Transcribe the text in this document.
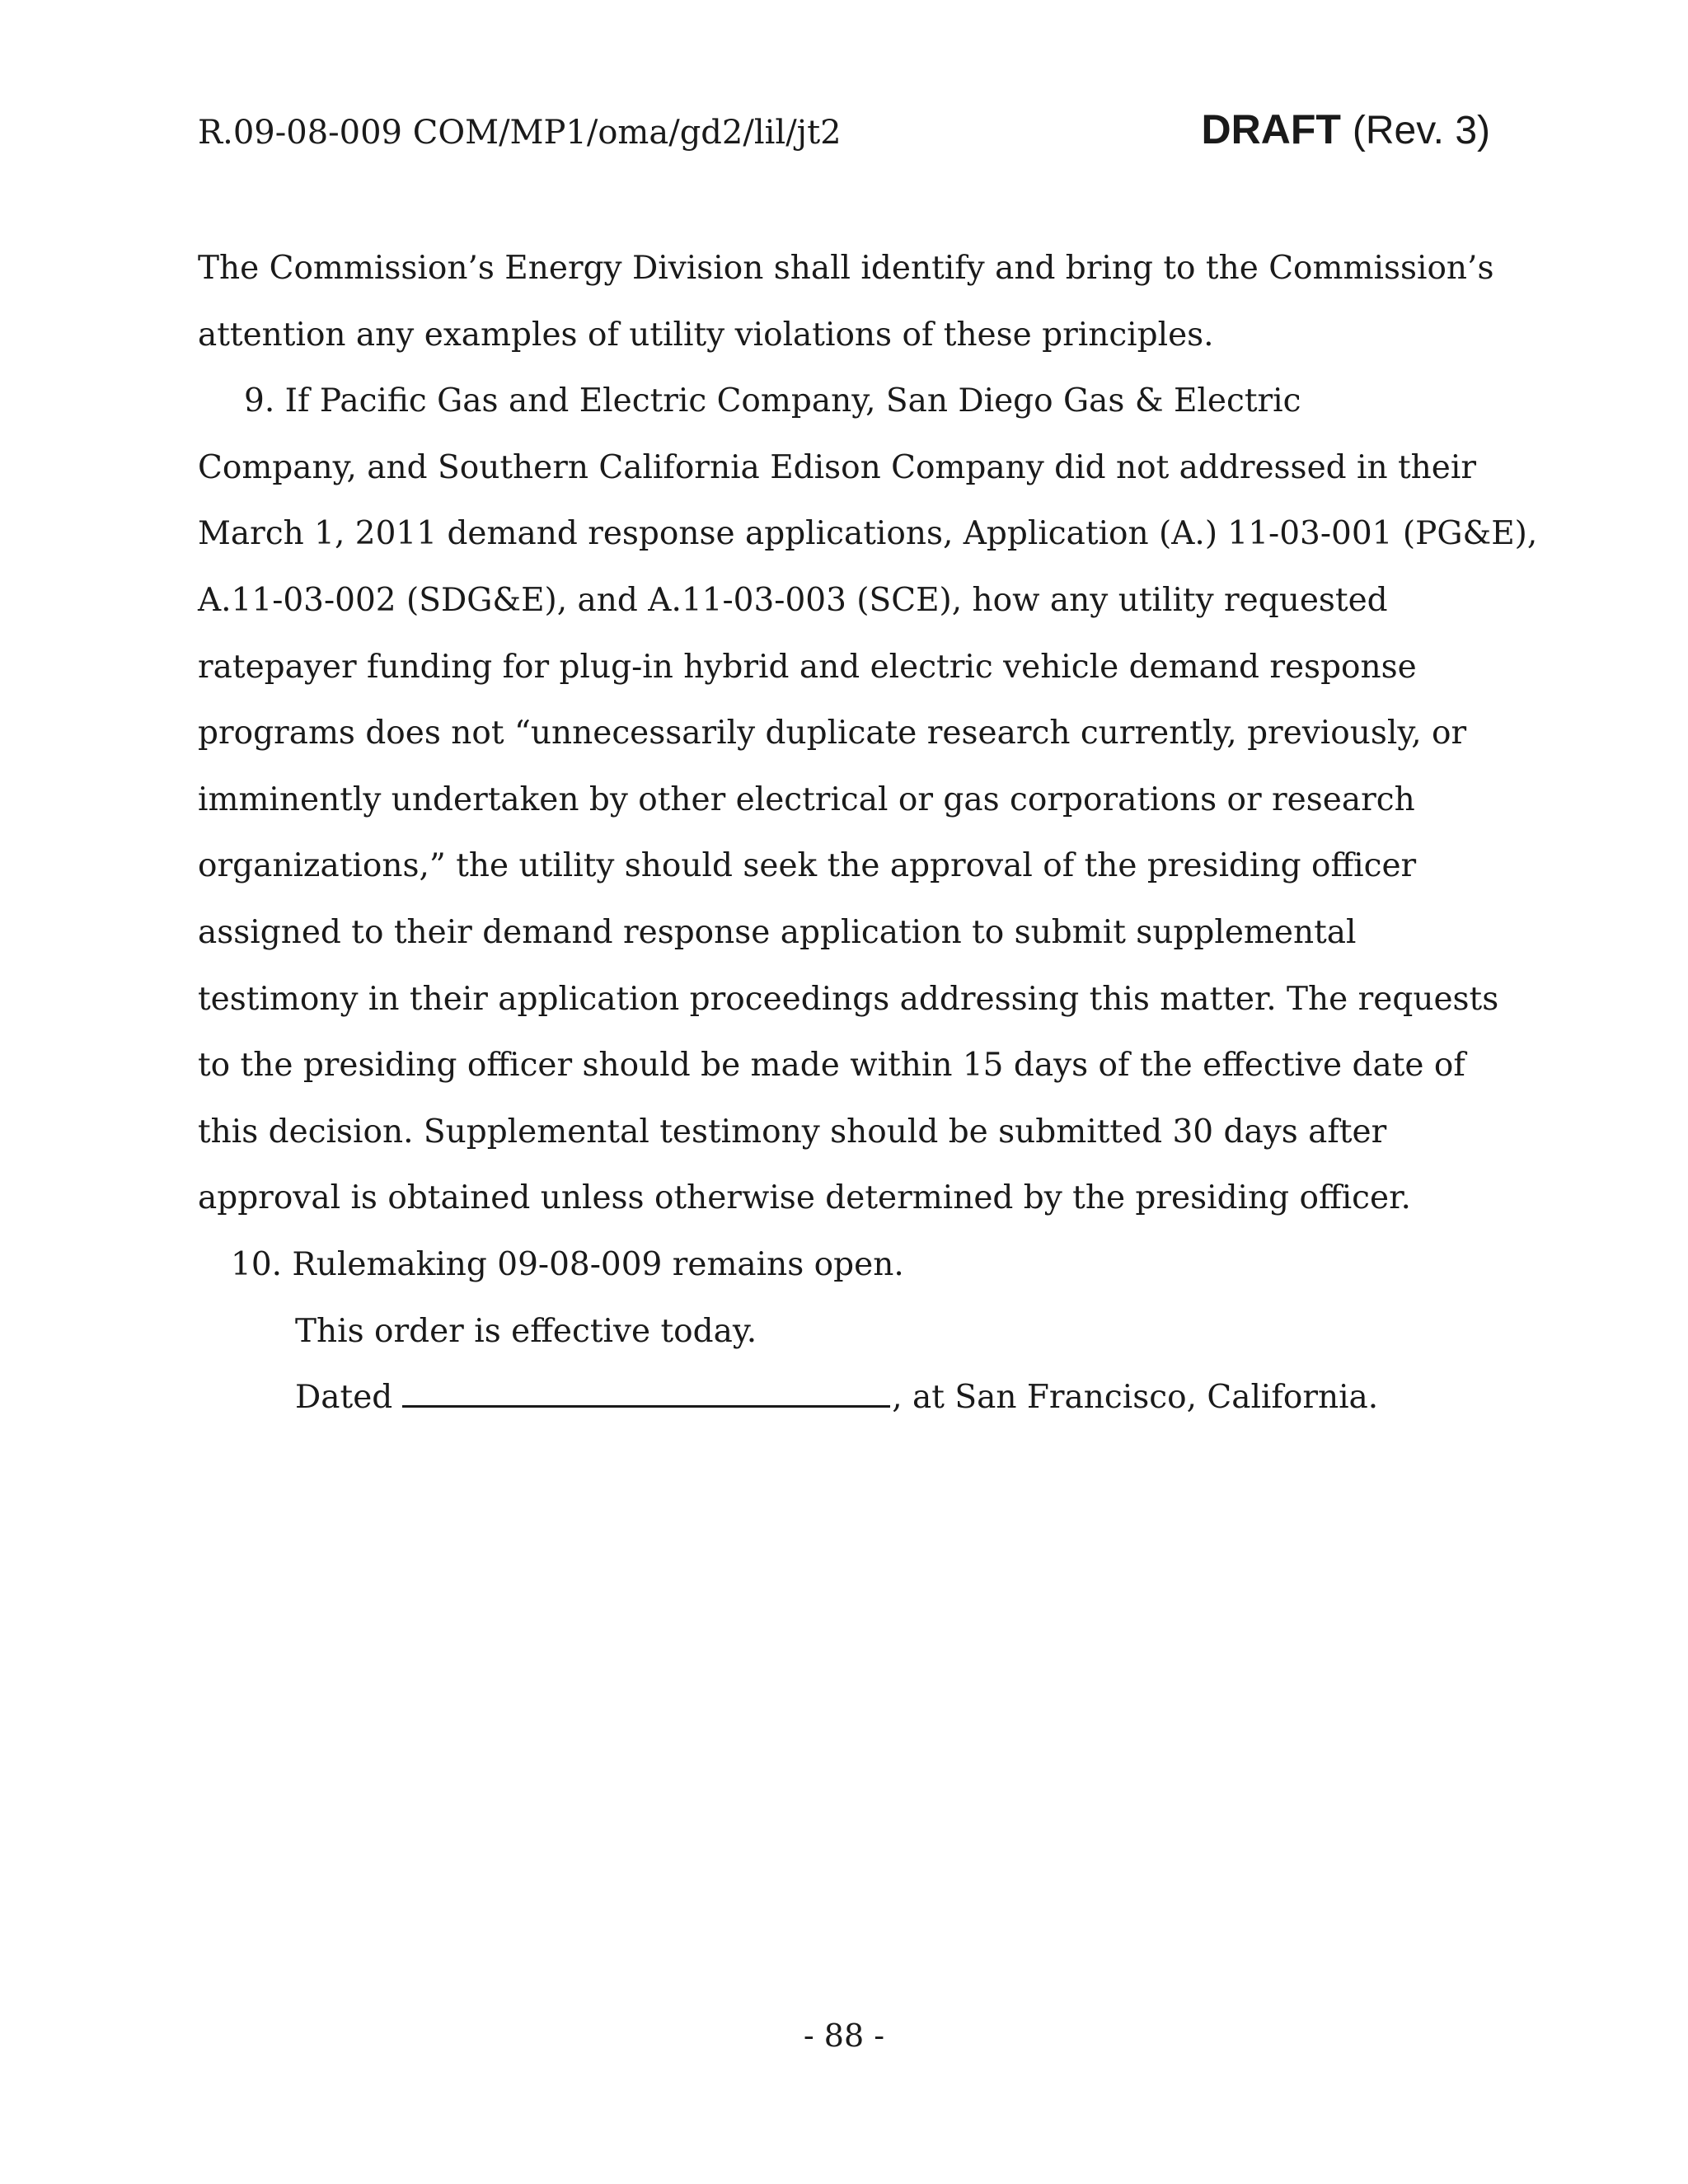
R.09-08-009 COM/MP1/oma/gd2/lil/jt2	DRAFT (Rev. 3)
The Commission’s Energy Division shall identify and bring to the Commission’s
attention any examples of utility violations of these principles.
9. If Pacific Gas and Electric Company, San Diego Gas & Electric
Company, and Southern California Edison Company did not addressed in their
March 1, 2011 demand response applications, Application (A.) 11-03-001 (PG&E),
A.11-03-002 (SDG&E), and A.11-03-003 (SCE), how any utility requested
ratepayer funding for plug-in hybrid and electric vehicle demand response
programs does not “unnecessarily duplicate research currently, previously, or
imminently undertaken by other electrical or gas corporations or research
organizations,” the utility should seek the approval of the presiding officer
assigned to their demand response application to submit supplemental
testimony in their application proceedings addressing this matter. The requests
to the presiding officer should be made within 15 days of the effective date of
this decision. Supplemental testimony should be submitted 30 days after
approval is obtained unless otherwise determined by the presiding officer.
10. Rulemaking 09-08-009 remains open.
This order is effective today.
Dated	, at San Francisco, California.
- 88 -
